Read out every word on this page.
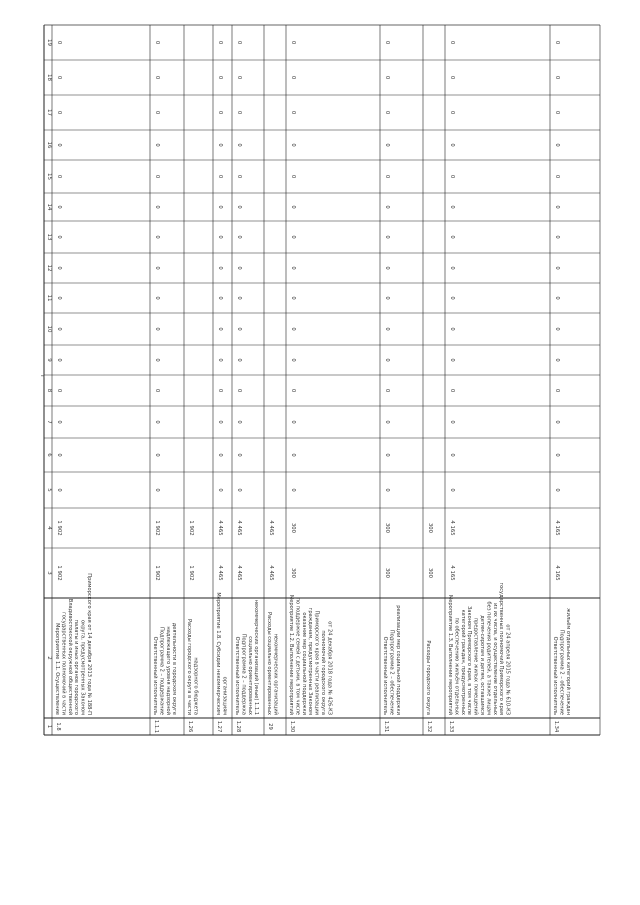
1
2
3
4
5
6
7
8
9
10
11
12
13
14
15
16
17
18
19
1.8
Мероприятие 1.1. Осуществление государственных полномочий в части Владивостокской окружной общественной палаты и иных органов городского округа, предусмотренных Законом Приморского края от 14 декабря 2013 года № 188-П
1 902
1 902
0
0
0
0
0
0
0
0
0
0
0
0
0
0
0
1.1.1
Ответственный исполнитель Подпрограмма 2 – поддержание надлежащего уровня надзорной деятельности в городском округе
1 902
1 902
0
0
0
0
0
0
0
0
0
0
0
0
0
0
0
1.26
Расходы городского округа в части надзорного бюджета
1 902
1 902
1.27
Мероприятие 1.8. Субсидии некоммерческим организациям
4 465
4 465
0
0
0
0
0
0
0
0
0
0
0
0
0
0
0
1.28
Ответственный исполнитель Подпрограмма 2 – поддержка социально ориентированных некоммерческих организаций (иные) 1.1.1
4 465
4 465
0
0
0
0
0
0
0
0
0
0
0
0
0
0
0
29
Расходы социально ориентированных некоммерческих организаций
4 465
4 465
1.30
Мероприятие 1.2. Выполнение мероприятий по поддержке семей с детьми, в том числе оказание мер социальной поддержки гражданам, предусмотренных Законом Приморского края в части реализации полномочий городского округа от 24 декабря 2018 года № 426-КЗ
300
300
0
0
0
0
0
0
0
0
0
0
0
0
0
0
0
1.31
Ответственный исполнитель Подпрограмма 2 – обеспечение реализации мер социальной поддержки
300
300
0
0
0
0
0
0
0
0
0
0
0
0
0
0
0
1.32
Расходы городского округа
300
300
1.33
Мероприятие 1.3. Выполнение мероприятий по обеспечению жильём отдельных категорий граждан, предусмотренных Законом Приморского края, в том числе предоставление жилых помещений детям-сиротам и детям, оставшимся без попечения родителей, а также лицам из их числа, и осуществление отдельных государственных полномочий Приморского края от 24 апреля 2015 года № 610-КЗ
4 165
4 165
0
0
0
0
0
0
0
0
0
0
0
0
0
0
0
1.34
Ответственный исполнитель Подпрограмма 2 – обеспечение жильём отдельных категорий граждан
4 165
4 165
0
0
0
0
0
0
0
0
0
0
0
0
0
0
0
r
